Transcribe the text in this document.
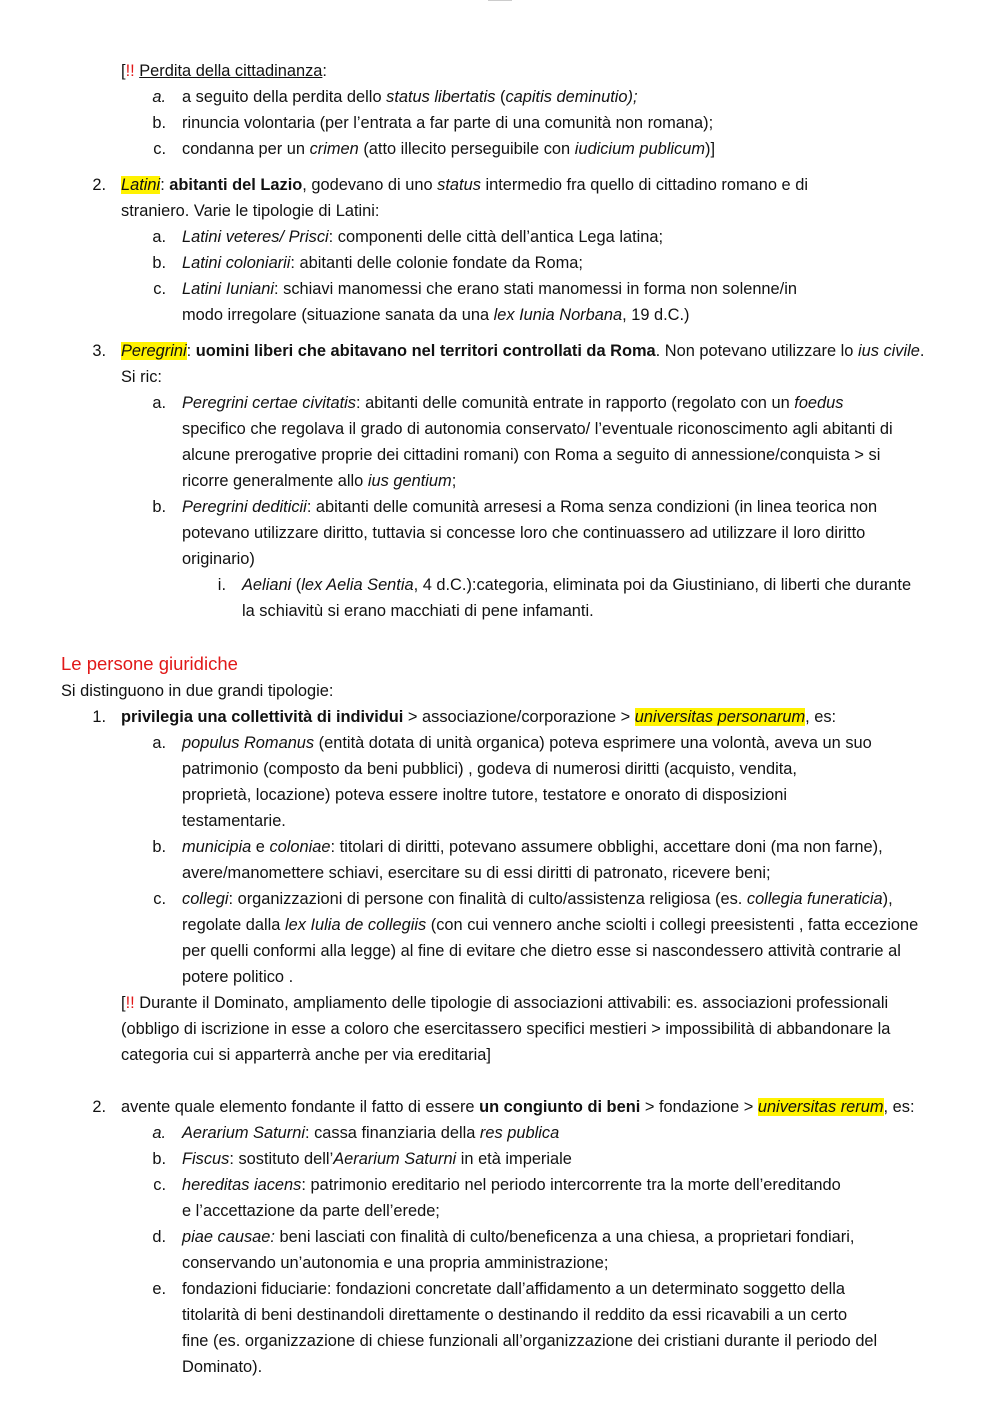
[!! Perdita della cittadinanza:
a. a seguito della perdita dello status libertatis (capitis deminutio);
b. rinuncia volontaria (per l’entrata a far parte di una comunità non romana);
c. condanna per un crimen (atto illecito perseguibile con iudicium publicum)]
2. Latini: abitanti del Lazio, godevano di uno status intermedio fra quello di cittadino romano e di
straniero. Varie le tipologie di Latini:
a. Latini veteres/ Prisci: componenti delle città dell’antica Lega latina;
b. Latini coloniarii: abitanti delle colonie fondate da Roma;
c. Latini Iuniani: schiavi manomessi che erano stati manomessi in forma non solenne/in
modo irregolare (situazione sanata da una lex Iunia Norbana, 19 d.C.)
3. Peregrini: uomini liberi che abitavano nel territori controllati da Roma. Non potevano utilizzare lo ius civile.
Si ric:
a. Peregrini certae civitatis: abitanti delle comunità entrate in rapporto (regolato con un foedus
specifico che regolava il grado di autonomia conservato/ l’eventuale riconoscimento agli abitanti di
alcune prerogative proprie dei cittadini romani) con Roma a seguito di annessione/conquista > si
ricorre generalmente allo ius gentium;
b. Peregrini dediticii: abitanti delle comunità arresesi a Roma senza condizioni (in linea teorica non
potevano utilizzare diritto, tuttavia si concesse loro che continuassero ad utilizzare il loro diritto
originario)
i. Aeliani (lex Aelia Sentia, 4 d.C.):categoria, eliminata poi da Giustiniano, di liberti che durante
la schiavitù si erano macchiati di pene infamanti.
Le persone giuridiche
Si distinguono in due grandi tipologie:
1. privilegia una collettività di individui > associazione/corporazione > universitas personarum, es:
a. populus Romanus (entità dotata di unità organica) poteva esprimere una volontà, aveva un suo
patrimonio (composto da beni pubblici) , godeva di numerosi diritti (acquisto, vendita,
proprietà, locazione) poteva essere inoltre tutore, testatore e onorato di disposizioni
testamentarie.
b. municipia e coloniae: titolari di diritti, potevano assumere obblighi, accettare doni (ma non farne),
avere/manomettere schiavi, esercitare su di essi diritti di patronato, ricevere beni;
c. collegi: organizzazioni di persone con finalità di culto/assistenza religiosa (es. collegia funeraticia),
regolate dalla lex Iulia de collegiis (con cui vennero anche sciolti i collegi preesistenti , fatta eccezione
per quelli conformi alla legge) al fine di evitare che dietro esse si nascondessero attività contrarie al
potere politico .
[!! Durante il Dominato, ampliamento delle tipologie di associazioni attivabili: es. associazioni professionali
(obbligo di iscrizione in esse a coloro che esercitassero specifici mestieri > impossibilità di abbandonare la
categoria cui si apparterrà anche per via ereditaria]
2. avente quale elemento fondante il fatto di essere un congiunto di beni > fondazione > universitas rerum, es:
a. Aerarium Saturni: cassa finanziaria della res publica
b. Fiscus: sostituto dell’Aerarium Saturni in età imperiale
c. hereditas iacens: patrimonio ereditario nel periodo intercorrente tra la morte dell’ereditando
e l’accettazione da parte dell’erede;
d. piae causae: beni lasciati con finalità di culto/beneficenza a una chiesa, a proprietari fondiari,
conservando un’autonomia e una propria amministrazione;
e. fondazioni fiduciarie: fondazioni concretate dall’affidamento a un determinato soggetto della
titolarità di beni destinandoli direttamente o destinando il reddito da essi ricavabili a un certo
fine (es. organizzazione di chiese funzionali all’organizzazione dei cristiani durante il periodo del
Dominato).
